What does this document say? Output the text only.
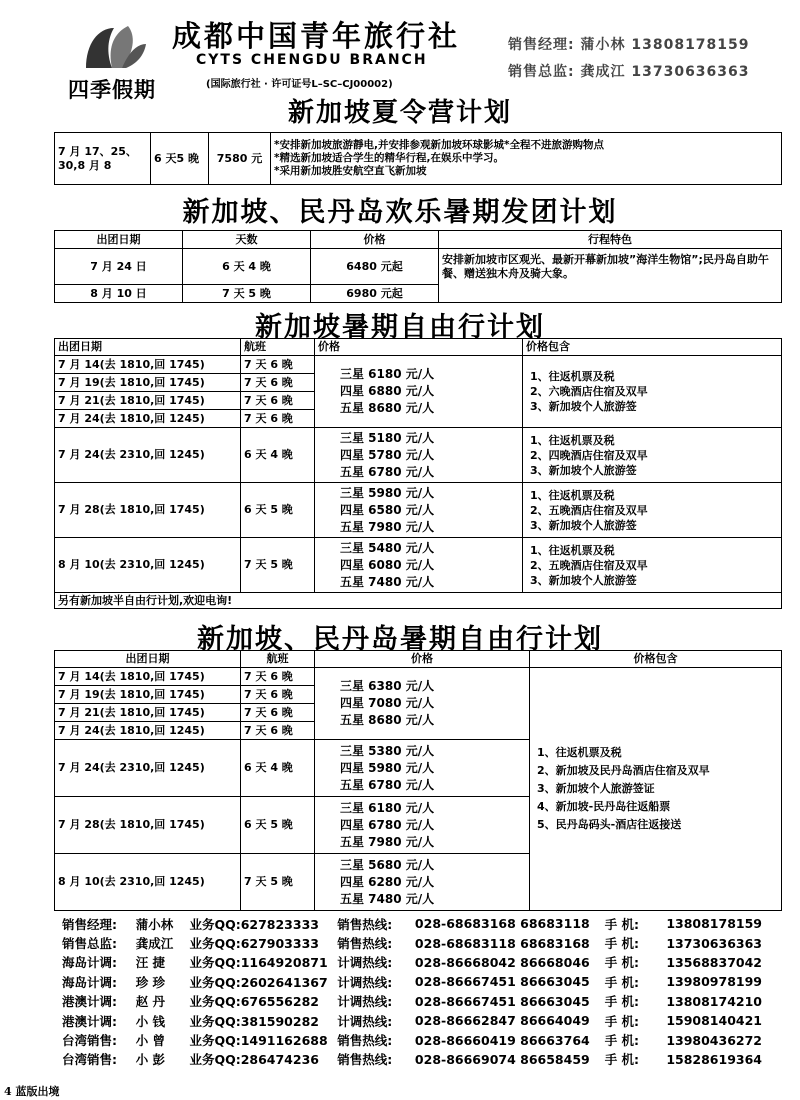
四季假期
成都中国青年旅行社
CYTS CHENGDU BRANCH
(国际旅行社 · 许可证号L–SC–CJ00002)
销售经理: 蒲小林 13808178159
销售总监: 龚成江 13730636363
新加坡夏令营计划
7 月 17、25、30,8 月 8	6 天5 晚	7580 元	
*安排新加坡旅游靜电,并安排参观新加坡环球影城*全程不进旅游购物点
*精选新加坡适合学生的精华行程,在娱乐中学习。
*采用新加坡胜安航空直飞新加坡
新加坡、民丹岛欢乐暑期发团计划
出团日期	天数	价格	行程特色
7 月 24 日	6 天 4 晚	6480 元起	安排新加坡市区观光、最新开幕新加坡”海洋生物馆”;民丹岛自助午餐、赠送独木舟及骑大象。
8 月 10 日	7 天 5 晚	6980 元起	
新加坡暑期自由行计划
出团日期	航班	价格	价格包含
7 月 14(去 1810,回 1745)	7 天 6 晚	三星 6180 元/人
四星 6880 元/人
五星 8680 元/人	1、往返机票及税
2、六晚酒店住宿及双早
3、新加坡个人旅游签

7 月 19(去 1810,回 1745)	7 天 6 晚		
7 月 21(去 1810,回 1745)	7 天 6 晚		
7 月 24(去 1810,回 1245)	7 天 6 晚		
7 月 24(去 2310,回 1245)	6 天 4 晚	三星 5180 元/人
四星 5780 元/人
五星 6780 元/人	1、往返机票及税
2、四晚酒店住宿及双早
3、新加坡个人旅游签

7 月 28(去 1810,回 1745)	6 天 5 晚	三星 5980 元/人
四星 6580 元/人
五星 7980 元/人	1、往返机票及税
2、五晚酒店住宿及双早
3、新加坡个人旅游签

8 月 10(去 2310,回 1245)	7 天 5 晚	三星 5480 元/人
四星 6080 元/人
五星 7480 元/人	1、往返机票及税
2、五晚酒店住宿及双早
3、新加坡个人旅游签

另有新加坡半自由行计划,欢迎电询!			
新加坡、民丹岛暑期自由行计划
出团日期	航班	价格	价格包含
7 月 14(去 1810,回 1745)	7 天 6 晚	三星 6380 元/人
四星 7080 元/人
五星 8680 元/人	1、往返机票及税
2、新加坡及民丹岛酒店住宿及双早
3、新加坡个人旅游签证
4、新加坡-民丹岛往返船票
5、民丹岛码头-酒店往返接送

7 月 19(去 1810,回 1745)	7 天 6 晚		
7 月 21(去 1810,回 1745)	7 天 6 晚		
7 月 24(去 1810,回 1245)	7 天 6 晚		
7 月 24(去 2310,回 1245)	6 天 4 晚	三星 5380 元/人
四星 5980 元/人
五星 6780 元/人	

7 月 28(去 1810,回 1745)	6 天 5 晚	三星 6180 元/人
四星 6780 元/人
五星 7980 元/人	

8 月 10(去 2310,回 1245)	7 天 5 晚	三星 5680 元/人
四星 6280 元/人
五星 7480 元/人	
销售经理:	蒲小林	业务QQ:627823333	销售热线:	028-68683168 68683118	手 机:	13808178159
销售总监:	龚成江	业务QQ:627903333	销售热线:	028-68683118 68683168	手 机:	13730636363
海岛计调:	汪 捷	业务QQ:1164920871	计调热线:	028-86668042 86668046	手 机:	13568837042
海岛计调:	珍 珍	业务QQ:2602641367	计调热线:	028-86667451 86663045	手 机:	13980978199
港澳计调:	赵 丹	业务QQ:676556282	计调热线:	028-86667451 86663045	手 机:	13808174210
港澳计调:	小 钱	业务QQ:381590282	计调热线:	028-86662847 86664049	手 机:	15908140421
台湾销售:	小 曾	业务QQ:1491162688	销售热线:	028-86660419 86663764	手 机:	13980436272
台湾销售:	小 彭	业务QQ:286474236	销售热线:	028-86669074 86658459	手 机:	15828619364
4 蓝版出境
